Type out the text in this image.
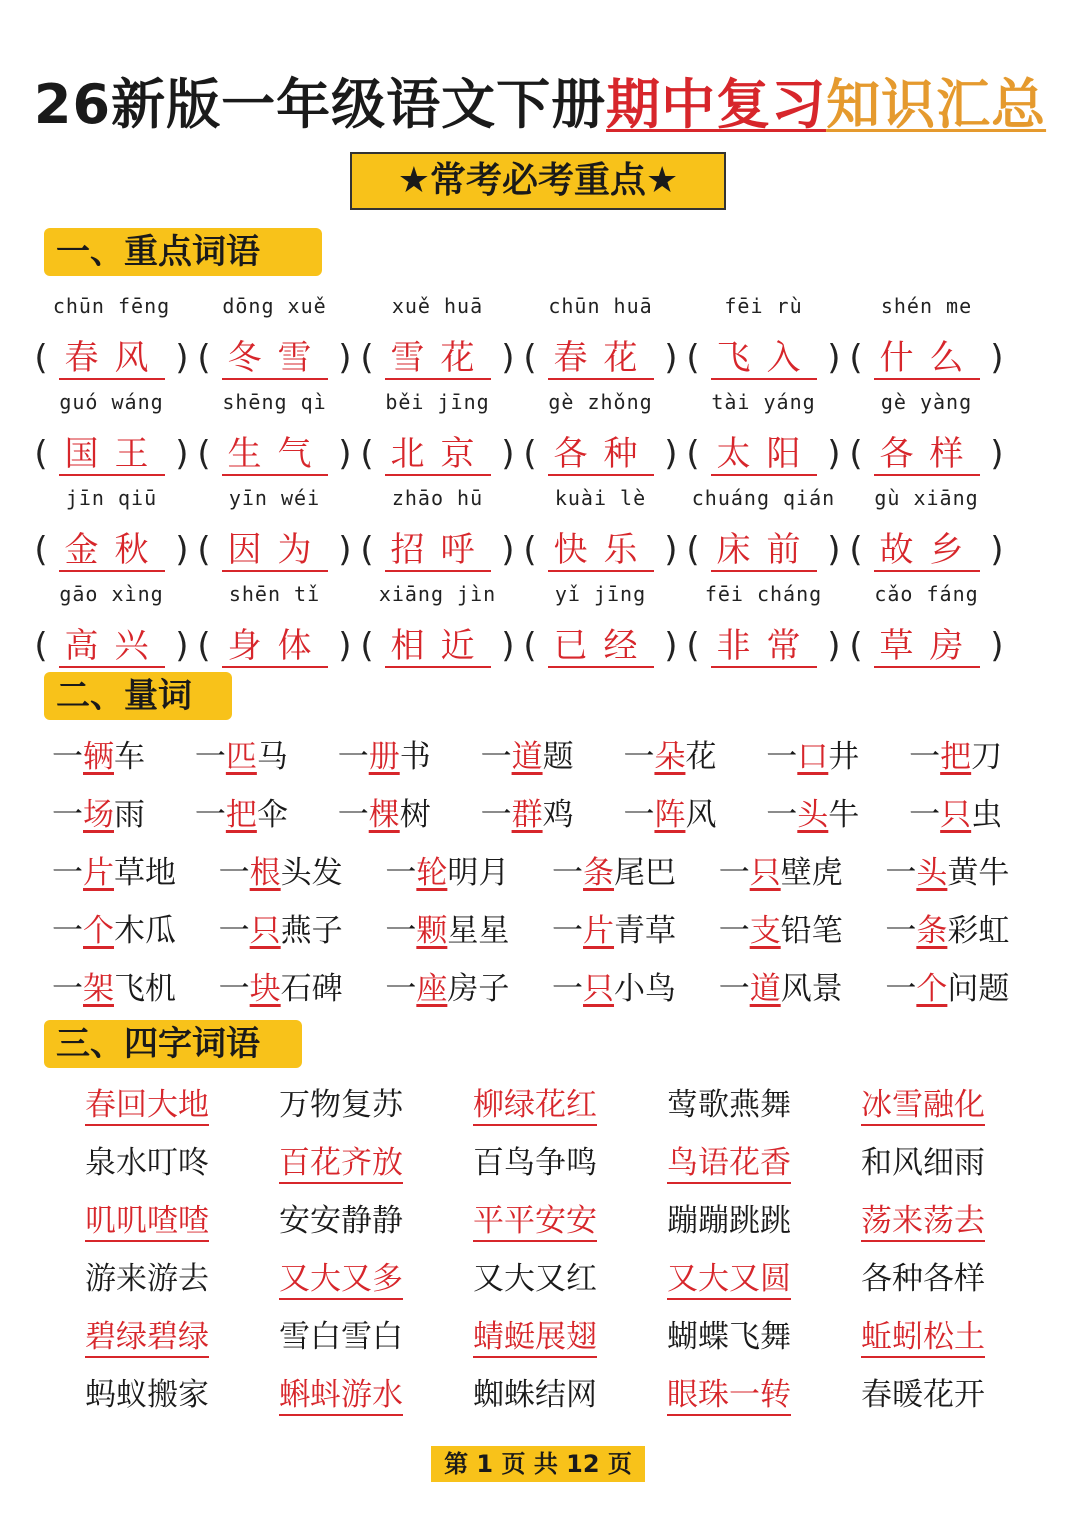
26新版一年级语文下册期中复习知识汇总
★常考必考重点★
一、重点词语
chūn fēng	dōng xuě	xuě huā	chūn huā	fēi rù	shén me
( 春风 ) ( 冬雪 ) ( 雪花 ) ( 春花 ) ( 飞入 ) ( 什么 )
guó wáng	shēng qì	běi jīng	gè zhǒng	tài yáng	gè yàng
( 国王 ) ( 生气 ) ( 北京 ) ( 各种 ) ( 太阳 ) ( 各样 )
jīn qiū	yīn wéi	zhāo hū	kuài lè	chuáng qián	gù xiāng
( 金秋 ) ( 因为 ) ( 招呼 ) ( 快乐 ) ( 床前 ) ( 故乡 )
gāo xìng	shēn tǐ	xiāng jìn	yǐ jīng	fēi cháng	cǎo fáng
( 高兴 ) ( 身体 ) ( 相近 ) ( 已经 ) ( 非常 ) ( 草房 )
二、量词
一辆车	一匹马	一册书	一道题	一朵花	一口井	一把刀
一场雨	一把伞	一棵树	一群鸡	一阵风	一头牛	一只虫
一片草地	一根头发	一轮明月	一条尾巴	一只壁虎	一头黄牛
一个木瓜	一只燕子	一颗星星	一片青草	一支铅笔	一条彩虹
一架飞机	一块石碑	一座房子	一只小鸟	一道风景	一个问题
三、四字词语
春回大地	万物复苏	柳绿花红	莺歌燕舞	冰雪融化
泉水叮咚	百花齐放	百鸟争鸣	鸟语花香	和风细雨
叽叽喳喳	安安静静	平平安安	蹦蹦跳跳	荡来荡去
游来游去	又大又多	又大又红	又大又圆	各种各样
碧绿碧绿	雪白雪白	蜻蜓展翅	蝴蝶飞舞	蚯蚓松土
蚂蚁搬家	蝌蚪游水	蜘蛛结网	眼珠一转	春暖花开
第 1 页 共 12 页
